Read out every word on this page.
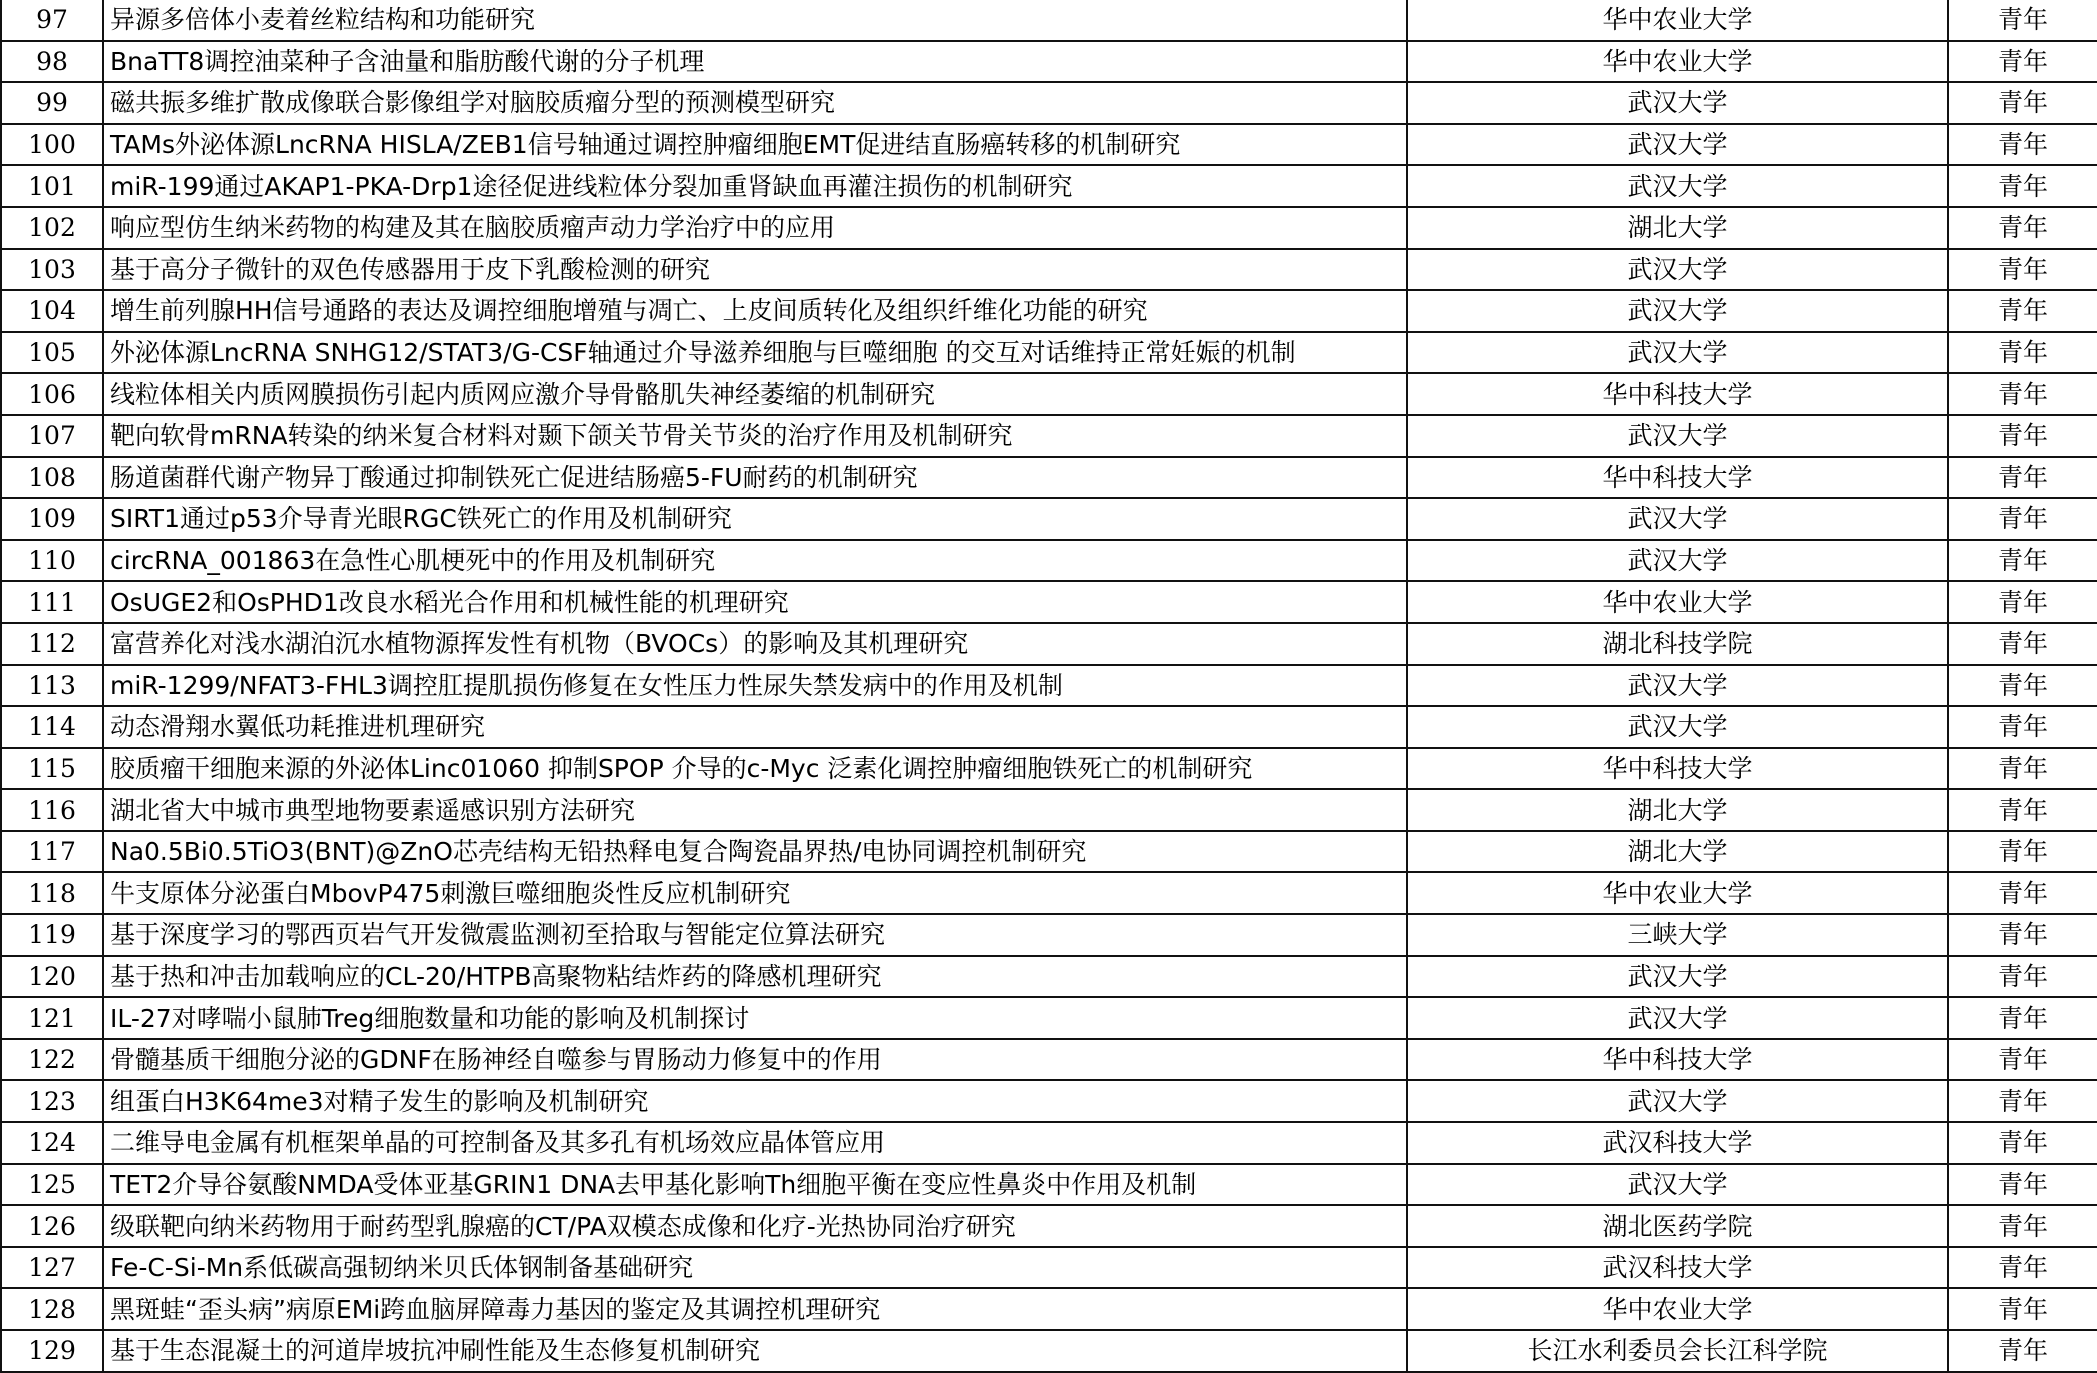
97	异源多倍体小麦着丝粒结构和功能研究	华中农业大学	青年
98	BnaTT8调控油菜种子含油量和脂肪酸代谢的分子机理	华中农业大学	青年
99	磁共振多维扩散成像联合影像组学对脑胶质瘤分型的预测模型研究	武汉大学	青年
100	TAMs外泌体源LncRNA HISLA/ZEB1信号轴通过调控肿瘤细胞EMT促进结直肠癌转移的机制研究	武汉大学	青年
101	miR-199通过AKAP1-PKA-Drp1途径促进线粒体分裂加重肾缺血再灌注损伤的机制研究	武汉大学	青年
102	响应型仿生纳米药物的构建及其在脑胶质瘤声动力学治疗中的应用	湖北大学	青年
103	基于高分子微针的双色传感器用于皮下乳酸检测的研究	武汉大学	青年
104	增生前列腺HH信号通路的表达及调控细胞增殖与凋亡、上皮间质转化及组织纤维化功能的研究	武汉大学	青年
105	外泌体源LncRNA SNHG12/STAT3/G-CSF轴通过介导滋养细胞与巨噬细胞 的交互对话维持正常妊娠的机制	武汉大学	青年
106	线粒体相关内质网膜损伤引起内质网应激介导骨骼肌失神经萎缩的机制研究	华中科技大学	青年
107	靶向软骨mRNA转染的纳米复合材料对颞下颌关节骨关节炎的治疗作用及机制研究	武汉大学	青年
108	肠道菌群代谢产物异丁酸通过抑制铁死亡促进结肠癌5-FU耐药的机制研究	华中科技大学	青年
109	SIRT1通过p53介导青光眼RGC铁死亡的作用及机制研究	武汉大学	青年
110	circRNA_001863在急性心肌梗死中的作用及机制研究	武汉大学	青年
111	OsUGE2和OsPHD1改良水稻光合作用和机械性能的机理研究	华中农业大学	青年
112	富营养化对浅水湖泊沉水植物源挥发性有机物（BVOCs）的影响及其机理研究	湖北科技学院	青年
113	miR-1299/NFAT3-FHL3调控肛提肌损伤修复在女性压力性尿失禁发病中的作用及机制	武汉大学	青年
114	动态滑翔水翼低功耗推进机理研究	武汉大学	青年
115	胶质瘤干细胞来源的外泌体Linc01060 抑制SPOP 介导的c-Myc 泛素化调控肿瘤细胞铁死亡的机制研究	华中科技大学	青年
116	湖北省大中城市典型地物要素遥感识别方法研究	湖北大学	青年
117	Na0.5Bi0.5TiO3(BNT)@ZnO芯壳结构无铅热释电复合陶瓷晶界热/电协同调控机制研究	湖北大学	青年
118	牛支原体分泌蛋白MbovP475刺激巨噬细胞炎性反应机制研究	华中农业大学	青年
119	基于深度学习的鄂西页岩气开发微震监测初至拾取与智能定位算法研究	三峡大学	青年
120	基于热和冲击加载响应的CL-20/HTPB高聚物粘结炸药的降感机理研究	武汉大学	青年
121	IL-27对哮喘小鼠肺Treg细胞数量和功能的影响及机制探讨	武汉大学	青年
122	骨髓基质干细胞分泌的GDNF在肠神经自噬参与胃肠动力修复中的作用	华中科技大学	青年
123	组蛋白H3K64me3对精子发生的影响及机制研究	武汉大学	青年
124	二维导电金属有机框架单晶的可控制备及其多孔有机场效应晶体管应用	武汉科技大学	青年
125	TET2介导谷氨酸NMDA受体亚基GRIN1 DNA去甲基化影响Th细胞平衡在变应性鼻炎中作用及机制	武汉大学	青年
126	级联靶向纳米药物用于耐药型乳腺癌的CT/PA双模态成像和化疗-光热协同治疗研究	湖北医药学院	青年
127	Fe-C-Si-Mn系低碳高强韧纳米贝氏体钢制备基础研究	武汉科技大学	青年
128	黑斑蛙“歪头病”病原EMi跨血脑屏障毒力基因的鉴定及其调控机理研究	华中农业大学	青年
129	基于生态混凝土的河道岸坡抗冲刷性能及生态修复机制研究	长江水利委员会长江科学院	青年
